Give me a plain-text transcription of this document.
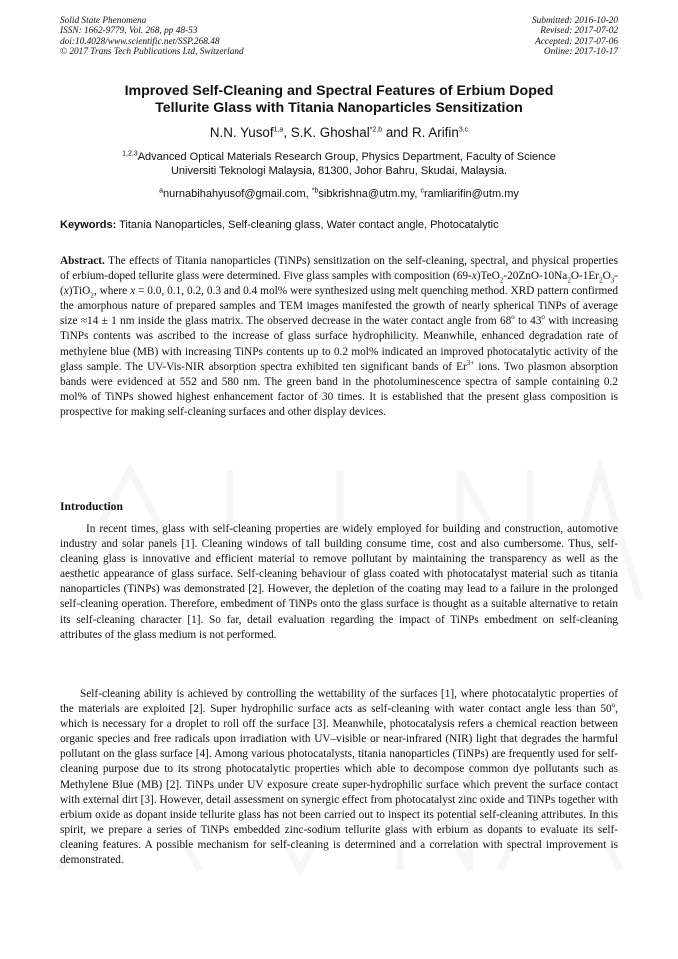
Solid State Phenomena
ISSN: 1662-9779, Vol. 268, pp 48-53
doi:10.4028/www.scientific.net/SSP.268.48
© 2017 Trans Tech Publications Ltd, Switzerland
Submitted: 2016-10-20
Revised: 2017-07-02
Accepted: 2017-07-06
Online: 2017-10-17
Improved Self-Cleaning and Spectral Features of Erbium Doped
Tellurite Glass with Titania Nanoparticles Sensitization
N.N. Yusof$^{1,a}$, S.K. Ghoshal$^{*2,b}$ and R. Arifin$^{3,c}$
$^{1,2,3}$Advanced Optical Materials Research Group, Physics Department, Faculty of Science
Universiti Teknologi Malaysia, 81300, Johor Bahru, Skudai, Malaysia.
$^a$nurnabihahyusof@gmail.com, $^{*b}$sibkrishna@utm.my, $^c$ramliarifin@utm.my
Keywords: Titania Nanoparticles, Self-cleaning glass, Water contact angle, Photocatalytic
Abstract. The effects of Titania nanoparticles (TiNPs) sensitization on the self-cleaning, spectral, and physical properties of erbium-doped tellurite glass were determined. Five glass samples with composition $(69-x)TeO_2-20ZnO-10Na_2O-1Er_2O_3-(x)TiO_2$, where x = 0.0, 0.1, 0.2, 0.3 and 0.4 mol% were synthesized using melt quenching method. XRD pattern confirmed the amorphous nature of prepared samples and TEM images manifested the growth of nearly spherical TiNPs of average size ≈14 ± 1 nm inside the glass matrix. The observed decrease in the water contact angle from 68$^o$ to 43$^o$ with increasing TiNPs contents was ascribed to the increase of glass surface hydrophilicity. Meanwhile, enhanced degradation rate of methylene blue (MB) with increasing TiNPs contents up to 0.2 mol% indicated an improved photocatalytic activity of the glass sample. The UV-Vis-NIR absorption spectra exhibited ten significant bands of $Er^{3+}$ ions. Two plasmon absorption bands were evidenced at 552 and 580 nm. The green band in the photoluminescence spectra of sample containing 0.2 mol% of TiNPs showed highest enhancement factor of 30 times. It is established that the present glass composition is prospective for making self-cleaning surfaces and other display devices.
Introduction

In recent times, glass with self-cleaning properties are widely employed for building and construction, automotive industry and solar panels [1]. Cleaning windows of tall building consume time, cost and also cumbersome. Thus, self-cleaning glass is innovative and efficient material to remove pollutant by maintaining the transparency as well as the aesthetic appearance of glass surface. Self-cleaning behaviour of glass coated with photocatalyst material such as titania nanoparticles (TiNPs) was demonstrated [2]. However, the depletion of the coating may lead to a failure in the prolonged self-cleaning operation. Therefore, embedment of TiNPs onto the glass surface is thought as a suitable alternative to retain its self-cleaning character [1]. So far, detail evaluation regarding the impact of TiNPs embedment on self-cleaning attributes of the glass medium is not performed.

Self-cleaning ability is achieved by controlling the wettability of the surfaces [1], where photocatalytic properties of the materials are exploited [2]. Super hydrophilic surface acts as self-cleaning with water contact angle less than 50$^o$, which is necessary for a droplet to roll off the surface [3]. Meanwhile, photocatalysis refers a chemical reaction between organic species and free radicals upon irradiation with UV–visible or near-infrared (NIR) light that degrades the harmful pollutant on the glass surface [4]. Among various photocatalysts, titania nanoparticles (TiNPs) are frequently used for self-cleaning purpose due to its strong photocatalytic properties which able to decompose common dye pollutants such as Methylene Blue (MB) [2]. TiNPs under UV exposure create super-hydrophilic surface which prevent the surface contact with external dirt [3]. However, detail assessment on synergic effect from photocatalyst zinc oxide and TiNPs together with erbium oxide as dopant inside tellurite glass has not been carried out to inspect its potential self-cleaning attributes. In this spirit, we prepare a series of TiNPs embedded zinc-sodium tellurite glass with erbium as dopants to evaluate its self-cleaning features. A possible mechanism for self-cleaning is determined and a correlation with spectral improvement is demonstrated.
